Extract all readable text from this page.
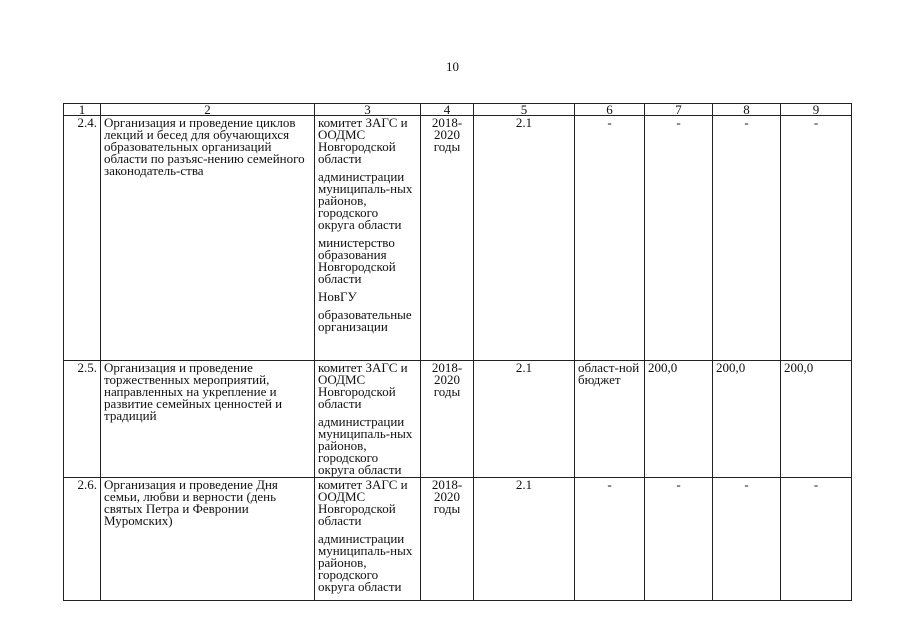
10
1	2	3	4	5	6	7	8	9
2.4.	Организация и проведение циклов лекций и бесед для обучающихся образовательных организаций области по разъяс-нению семейного законодатель-ства	комитет ЗАГС и ООДМС Новгородской области
администрации муниципаль-ных районов, городского округа области
министерство образования Новгородской области
НовГУ
образовательные организации	2018-2020 годы	2.1	-	-	-	-
2.5.	Организация и проведение торжественных мероприятий, направленных на укрепление и развитие семейных ценностей и традиций	комитет ЗАГС и ООДМС Новгородской области
администрации муниципаль-ных районов, городского округа области	2018-2020 годы	2.1	област-ной бюджет	200,0	200,0	200,0
2.6.	Организация и проведение Дня семьи, любви и верности (день святых Петра и Февронии Муромских)	комитет ЗАГС и ООДМС Новгородской области
администрации муниципаль-ных районов, городского округа области	2018-2020 годы	2.1	-	-	-	-
